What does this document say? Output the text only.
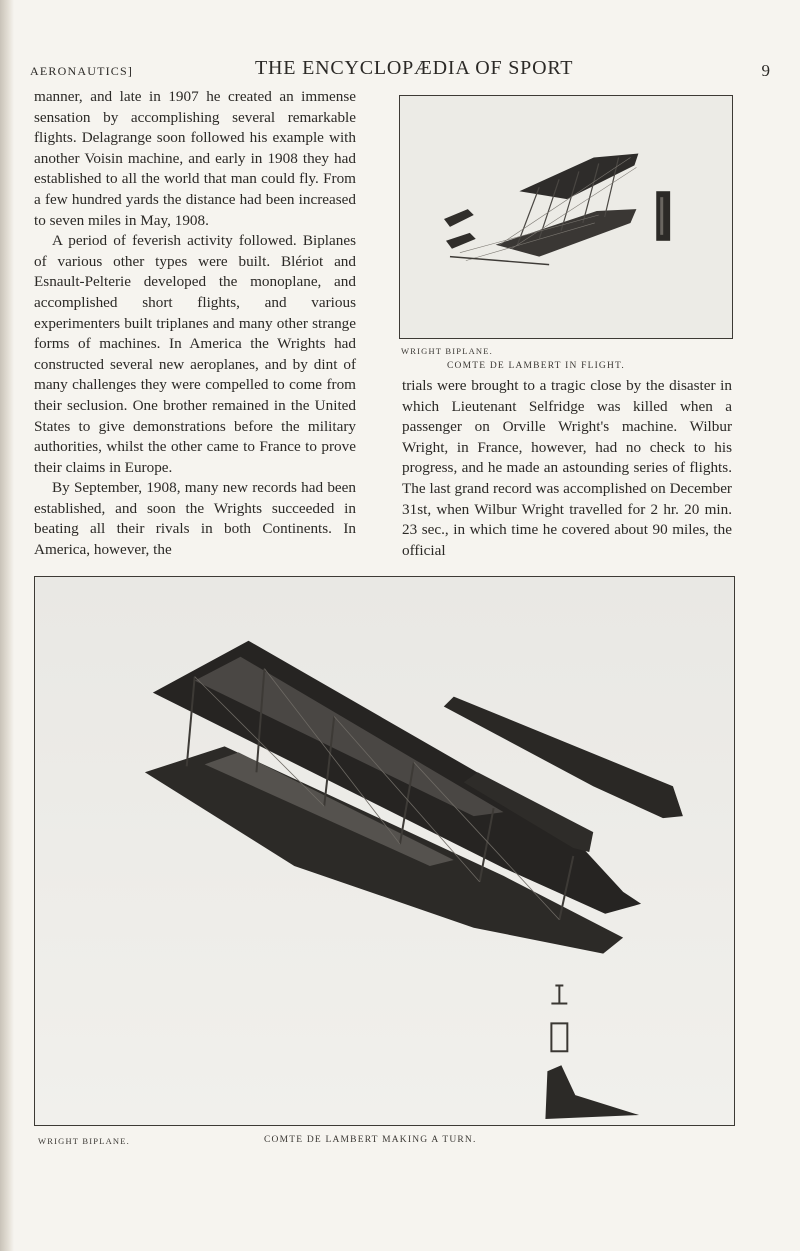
AERONAUTICS]	THE ENCYCLOPÆDIA OF SPORT	9

manner, and late in 1907 he created an immense sensation by accomplishing several remarkable flights. Delagrange soon followed his example with another Voisin machine, and early in 1908 they had established to all the world that man could fly. From a few hundred yards the distance had been increased to seven miles in May, 1908.

A period of feverish activity followed. Biplanes of various other types were built. Blériot and Esnault-Pelterie developed the monoplane, and accomplished short flights, and various experimenters built triplanes and many other strange forms of machines. In America the Wrights had constructed several new aeroplanes, and by dint of many challenges they were compelled to come from their seclusion. One brother remained in the United States to give demonstrations before the military authorities, whilst the other came to France to prove their claims in Europe.

By September, 1908, many new records had been established, and soon the Wrights succeeded in beating all their rivals in both Continents. In America, however, the

WRIGHT BIPLANE.
COMTE DE LAMBERT IN FLIGHT.

trials were brought to a tragic close by the disaster in which Lieutenant Selfridge was killed when a passenger on Orville Wright's machine. Wilbur Wright, in France, however, had no check to his progress, and he made an astounding series of flights. The last grand record was accomplished on December 31st, when Wilbur Wright travelled for 2 hr. 20 min. 23 sec., in which time he covered about 90 miles, the official

WRIGHT BIPLANE.	COMTE DE LAMBERT MAKING A TURN.
